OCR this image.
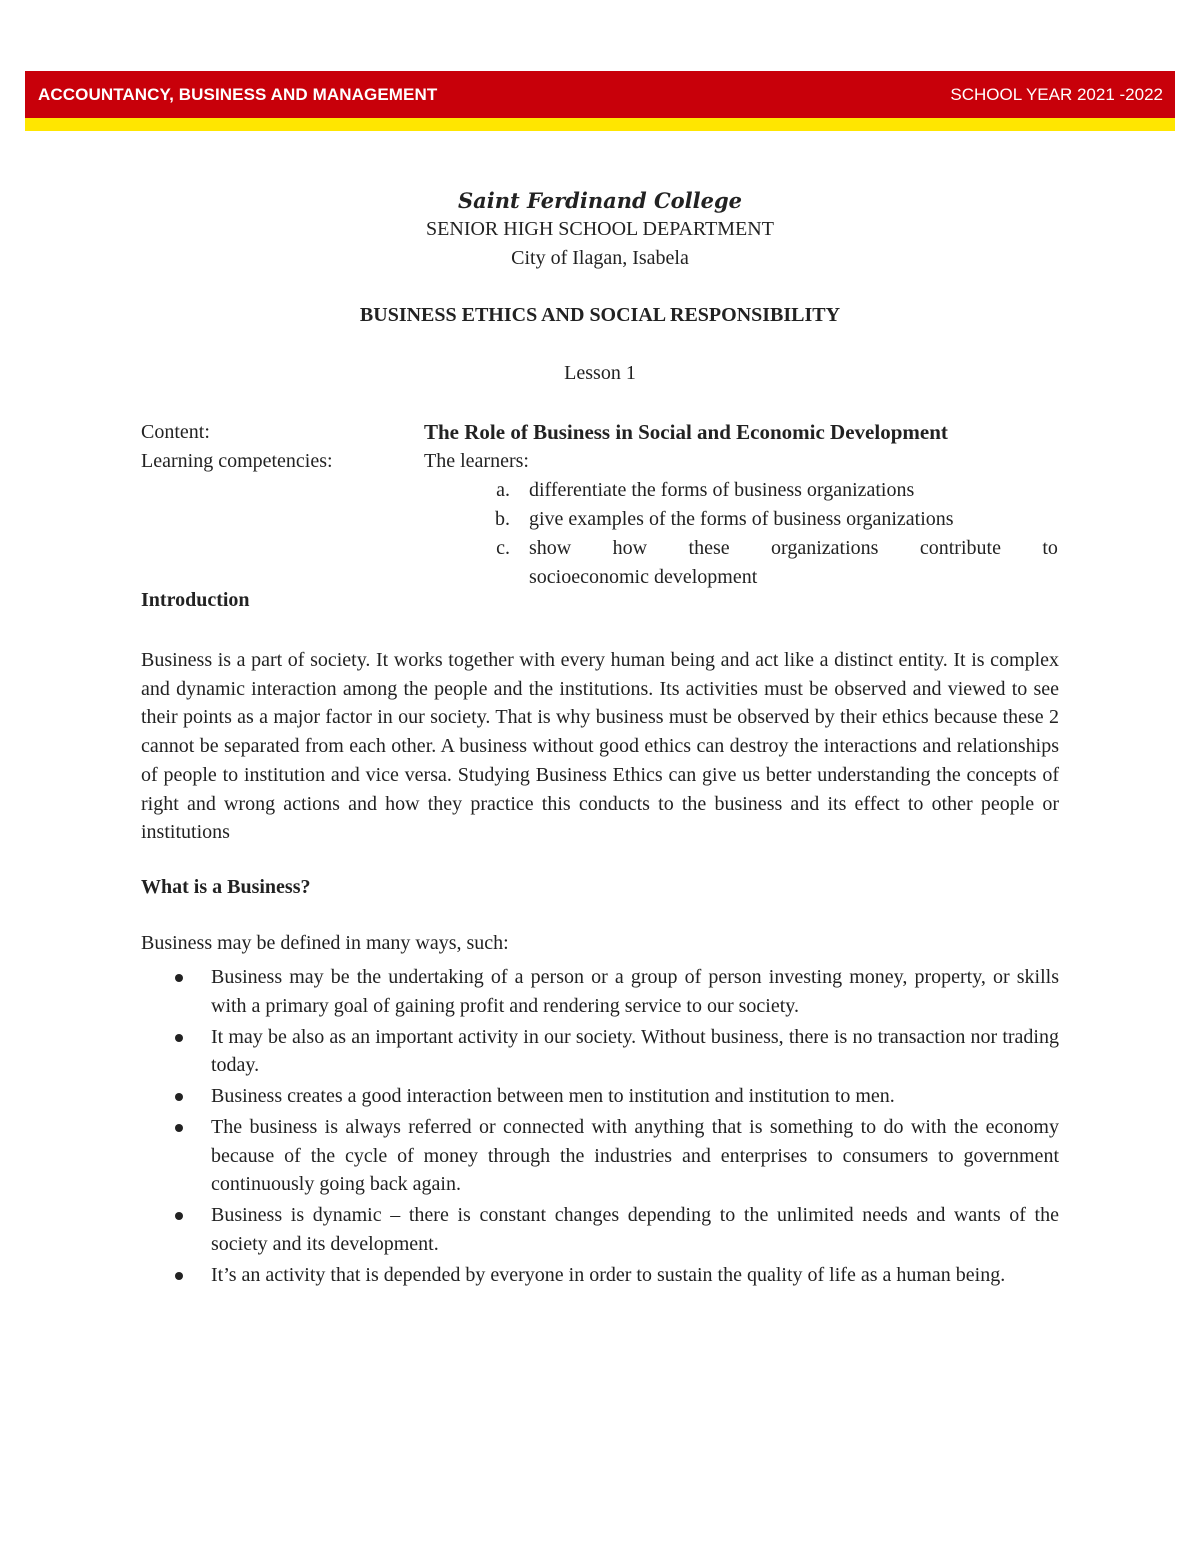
ACCOUNTANCY, BUSINESS AND MANAGEMENT	SCHOOL YEAR 2021 -2022
Saint Ferdinand College
SENIOR HIGH SCHOOL DEPARTMENT
City of Ilagan, Isabela
BUSINESS ETHICS AND SOCIAL RESPONSIBILITY
Lesson 1
Content:	The Role of Business in Social and Economic Development
Learning competencies:	The learners:
a. differentiate the forms of business organizations
b. give examples of the forms of business organizations
c. show how these organizations contribute to
socioeconomic development
Introduction

Business is a part of society. It works together with every human being and act like a distinct entity. It is complex and dynamic interaction among the people and the institutions. Its activities must be observed and viewed to see their points as a major factor in our society. That is why business must be observed by their ethics because these 2 cannot be separated from each other. A business without good ethics can destroy the interactions and relationships of people to institution and vice versa. Studying Business Ethics can give us better understanding the concepts of right and wrong actions and how they practice this conducts to the business and its effect to other people or institutions

What is a Business?
Business may be defined in many ways, such:
Business may be the undertaking of a person or a group of person investing money, property, or skills with a primary goal of gaining profit and rendering service to our society.
It may be also as an important activity in our society. Without business, there is no transaction nor trading today.
Business creates a good interaction between men to institution and institution to men.
The business is always referred or connected with anything that is something to do with the economy because of the cycle of money through the industries and enterprises to consumers to government continuously going back again.
Business is dynamic – there is constant changes depending to the unlimited needs and wants of the society and its development.
It’s an activity that is depended by everyone in order to sustain the quality of life as a human being.
